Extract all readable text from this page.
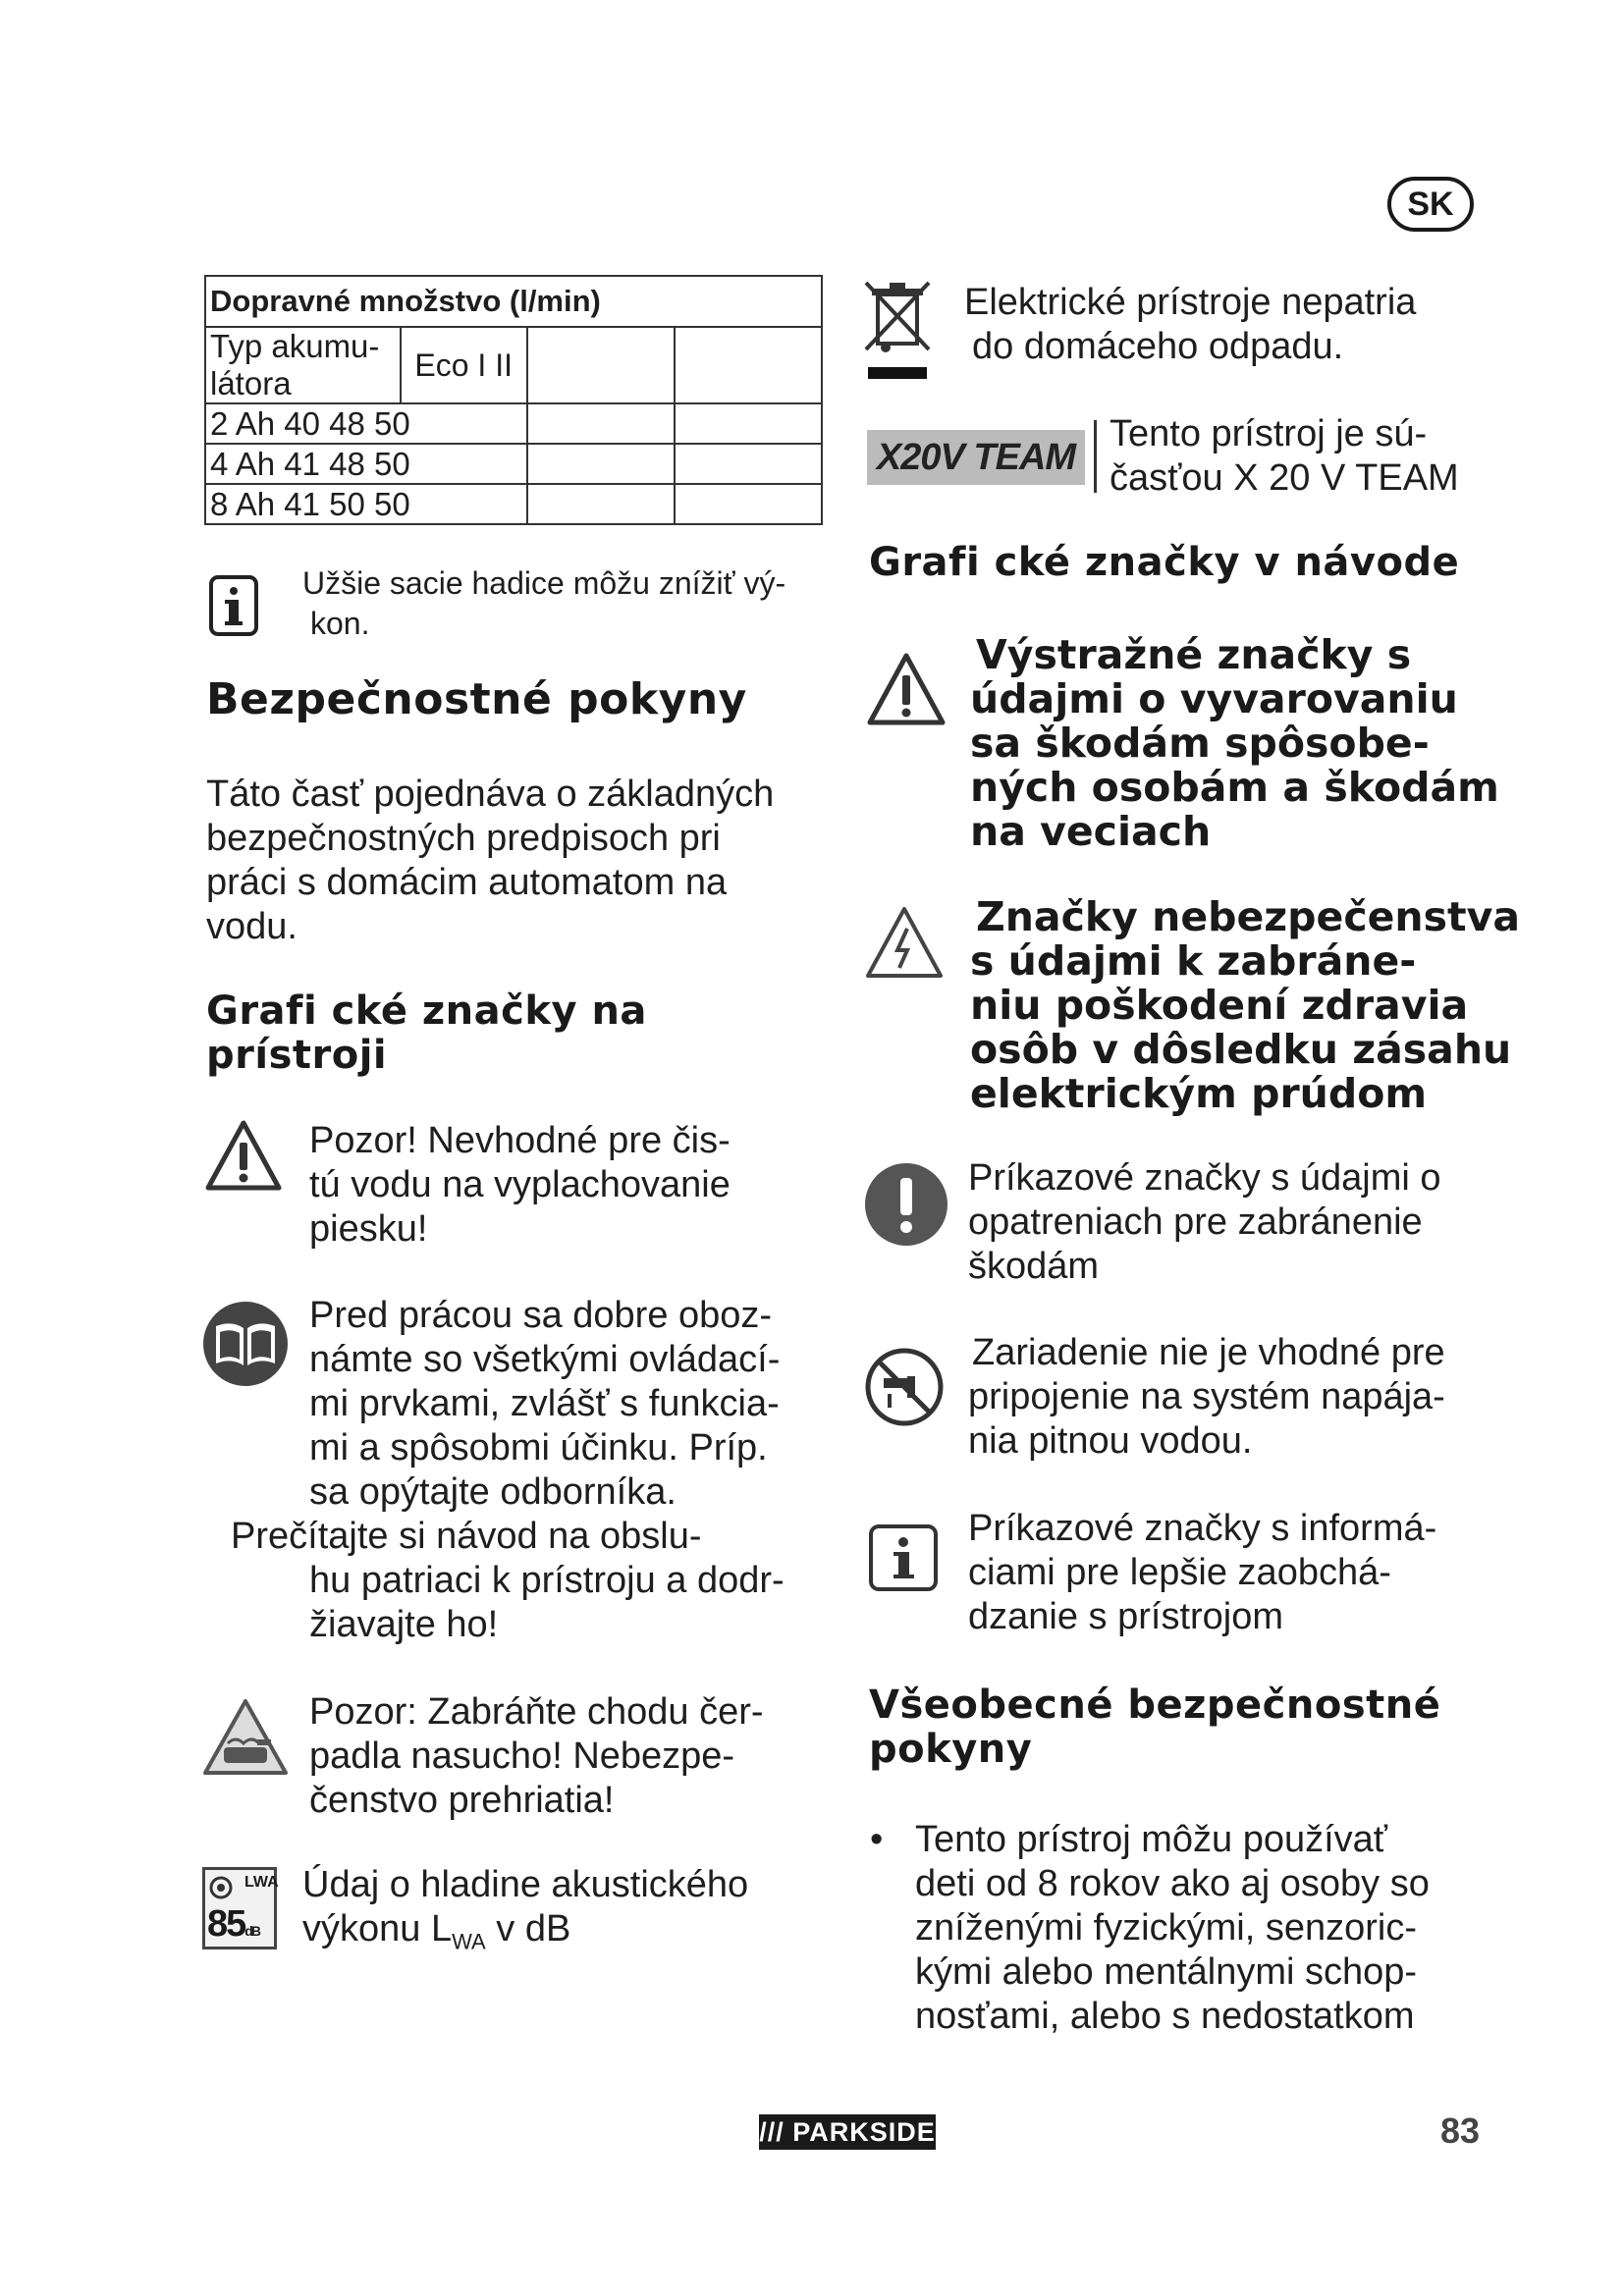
SK
Dopravné množstvo (l/min)			

Typ akumu-
látora	Eco I II		
2 Ah 40 48 50			
4 Ah 41 48 50			
8 Ah 41 50 50			
Užšie sacie hadice môžu znížiť vý-
kon.
Bezpečnostné pokyny
Táto časť pojednáva o základných
bezpečnostných predpisoch pri
práci s domácim automatom na
vodu.
Grafi cké značky na
prístroji
Pozor! Nevhodné pre čis-
tú vodu na vyplachovanie
piesku!
Pred prácou sa dobre oboz-
námte so všetkými ovládací-
mi prvkami, zvlášť s funkcia-
mi a spôsobmi účinku. Príp.
sa opýtajte odborníka.
Prečítajte si návod na obslu-
hu patriaci k prístroju a dodr-
žiavajte ho!
Pozor: Zabráňte chodu čer-
padla nasucho! Nebezpe-
čenstvo prehriatia!
LWA
85dB
Údaj o hladine akustického
výkonu $L_{WA}$ v dB
Elektrické prístroje nepatria
do domáceho odpadu.
X20V TEAM
Tento prístroj je sú-
časťou X 20 V TEAM
Grafi cké značky v návode
Výstražné značky s
údajmi o vyvarovaniu
sa škodám spôsobe-
ných osobám a škodám
na veciach
Značky nebezpečenstva
s údajmi k zabráne-
niu poškodení zdravia
osôb v dôsledku zásahu
elektrickým prúdom
Príkazové značky s údajmi o
opatreniach pre zabránenie
škodám
Zariadenie nie je vhodné pre
pripojenie na systém napája-
nia pitnou vodou.
Príkazové značky s informá-
ciami pre lepšie zaobchá-
dzanie s prístrojom
Všeobecné bezpečnostné
pokyny
• Tento prístroj môžu používať
deti od 8 rokov ako aj osoby so
zníženými fyzickými, senzoric-
kými alebo mentálnymi schop-
nosťami, alebo s nedostatkom
/// PARKSIDE	83
